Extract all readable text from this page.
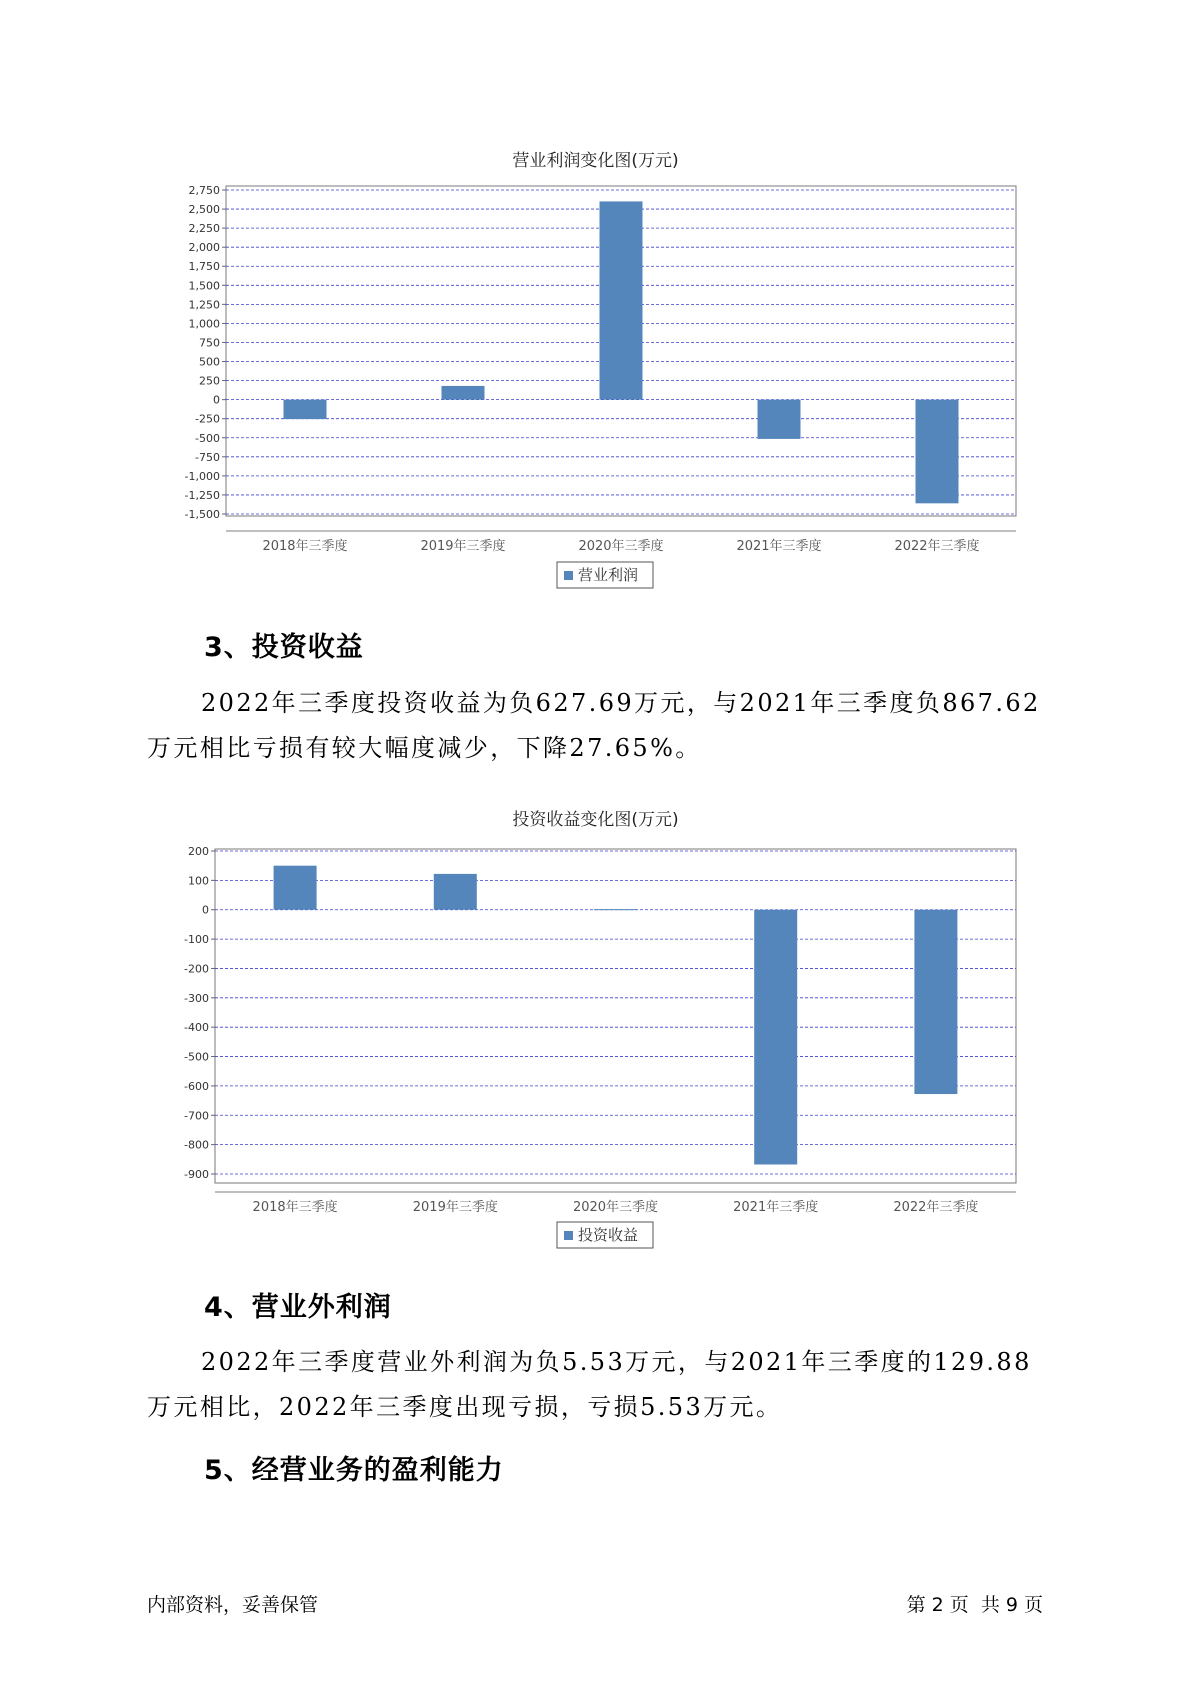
营业利润变化图(万元)
2,750
2,500
2,250
2,000
1,750
1,500
1,250
1,000
750
500
250
0
-250
-500
-750
-1,000
-1,250
-1,500
2018年三季度	2019年三季度	2020年三季度	2021年三季度	2022年三季度
营业利润
3、投资收益
2022年三季度投资收益为负627.69万元，与2021年三季度负867.62万元相比亏损有较大幅度减少，下降27.65%。
投资收益变化图(万元)
200
100
0
-100
-200
-300
-400
-500
-600
-700
-800
-900
2018年三季度	2019年三季度	2020年三季度	2021年三季度	2022年三季度
投资收益
4、营业外利润
2022年三季度营业外利润为负5.53万元，与2021年三季度的129.88万元相比，2022年三季度出现亏损，亏损5.53万元。
5、经营业务的盈利能力
内部资料，妥善保管	第 2 页  共 9 页
